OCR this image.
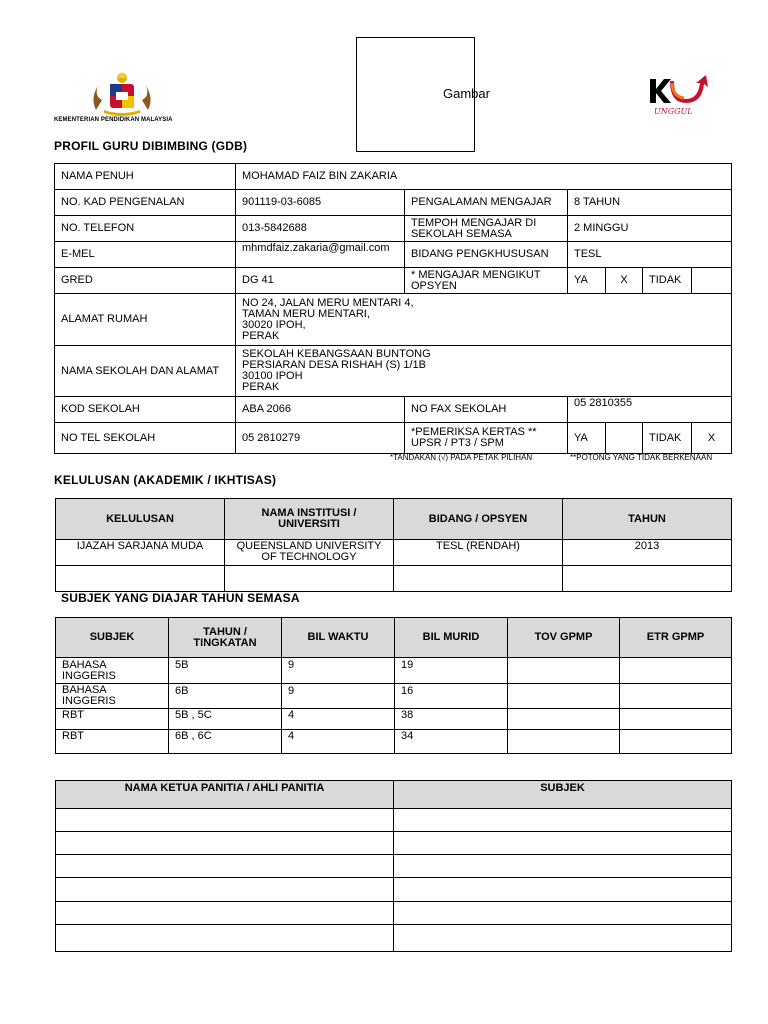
KEMENTERIAN PENDIDIKAN MALAYSIA
Gambar
UNGGUL
PROFIL GURU DIBIMBING (GDB)
NAMA PENUH	MOHAMAD FAIZ BIN ZAKARIA					
NO. KAD PENGENALAN	901119-03-6085	PENGALAMAN MENGAJAR	8 TAHUN			
NO. TELEFON	013-5842688	TEMPOH MENGAJAR DI SEKOLAH SEMASA	2 MINGGU			
E-MEL	mhmdfaiz.zakaria@gmail.com	BIDANG PENGKHUSUSAN	TESL			
GRED	DG 41	* MENGAJAR MENGIKUT OPSYEN	YA	X	TIDAK	
ALAMAT RUMAH	NO 24, JALAN MERU MENTARI 4,
TAMAN MERU MENTARI,
30020 IPOH,
PERAK					
NAMA SEKOLAH DAN ALAMAT	SEKOLAH KEBANGSAAN BUNTONG
PERSIARAN DESA RISHAH (S) 1/1B
30100 IPOH
PERAK					
KOD SEKOLAH	ABA 2066	NO FAX SEKOLAH	05 2810355			
NO TEL SEKOLAH	05 2810279	*PEMERIKSA KERTAS ** UPSR / PT3 / SPM	YA		TIDAK	X
*TANDAKAN (√) PADA PETAK PILIHAN	**POTONG YANG TIDAK BERKENAAN
KELULUSAN (AKADEMIK / IKHTISAS)
KELULUSAN	NAMA INSTITUSI / UNIVERSITI	BIDANG / OPSYEN	TAHUN
IJAZAH SARJANA MUDA	QUEENSLAND UNIVERSITY OF TECHNOLOGY	TESL (RENDAH)	2013

SUBJEK YANG DIAJAR TAHUN SEMASA
SUBJEK	TAHUN / TINGKATAN	BIL WAKTU	BIL MURID	TOV GPMP	ETR GPMP
BAHASA INGGERIS	5B	9	19		
BAHASA INGGERIS	6B	9	16		
RBT	5B , 5C	4	38		
RBT	6B , 6C	4	34		
NAMA KETUA PANITIA / AHLI PANITIA	SUBJEK
